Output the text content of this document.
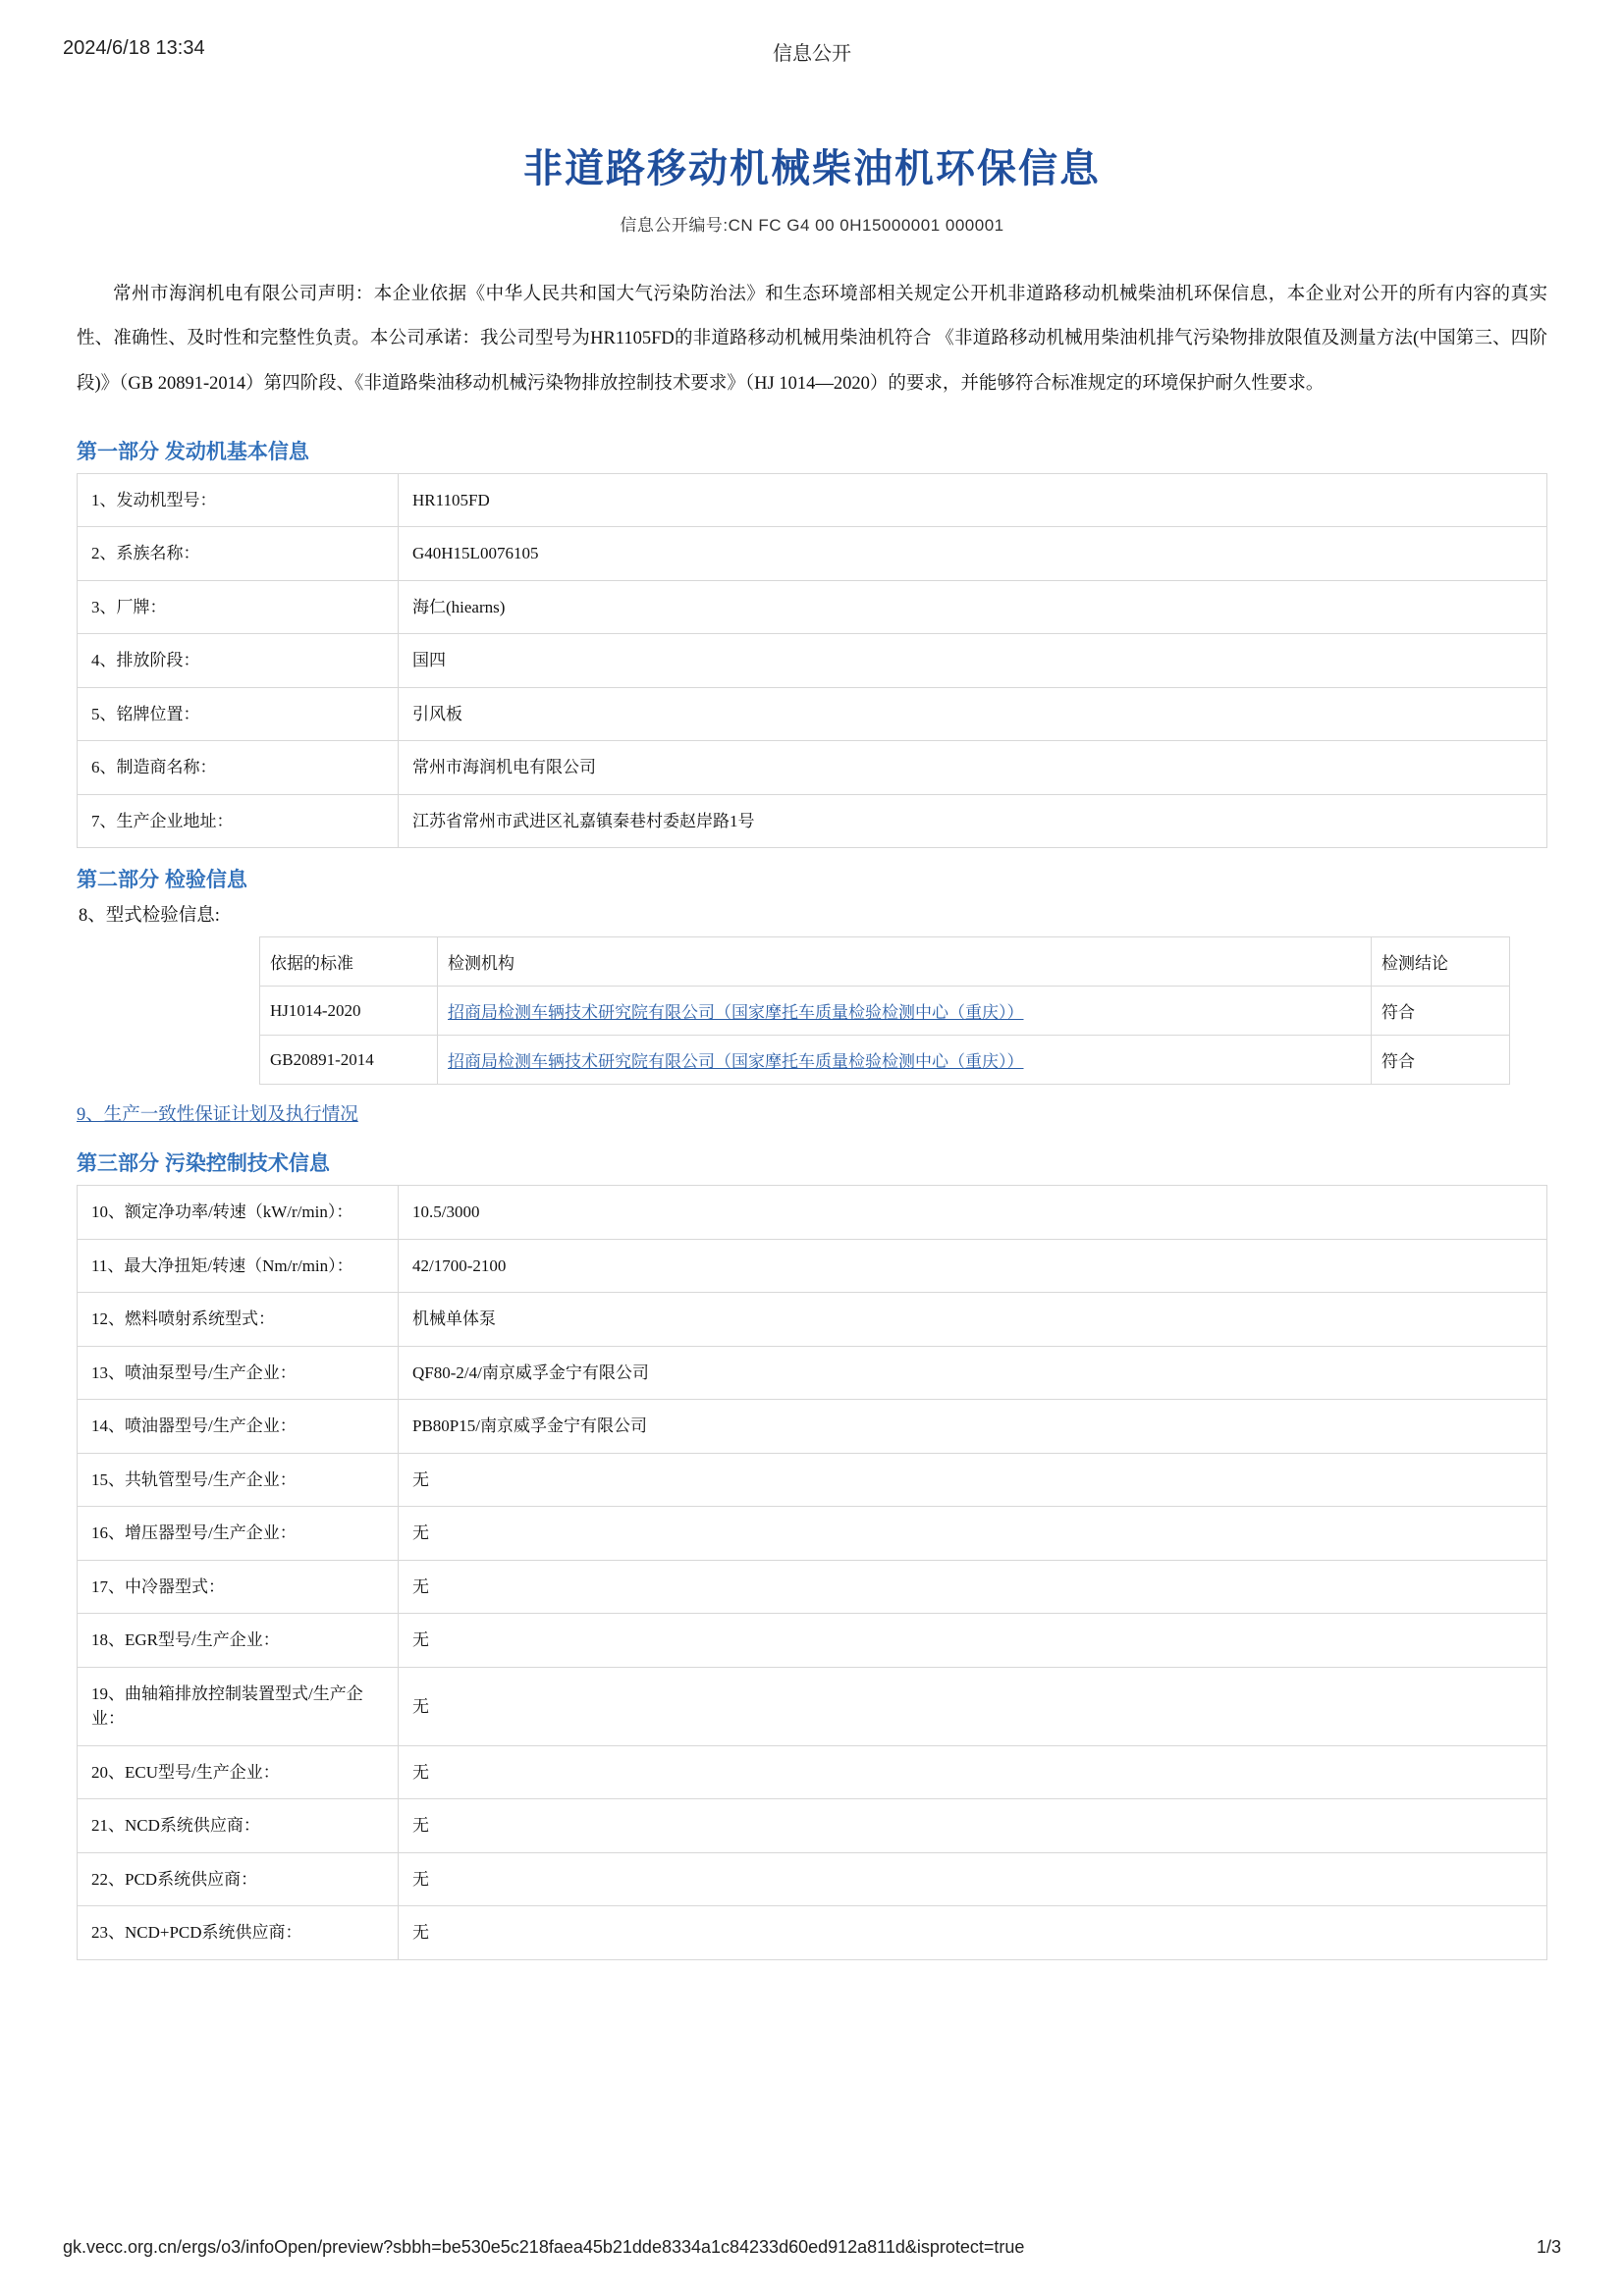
2024/6/18 13:34	信息公开
非道路移动机械柴油机环保信息
信息公开编号:CN FC G4 00 0H15000001 000001

常州市海润机电有限公司声明：本企业依据《中华人民共和国大气污染防治法》和生态环境部相关规定公开机非道路移动机械柴油机环保信息，本企业对公开的所有内容的真实性、准确性、及时性和完整性负责。本公司承诺：我公司型号为HR1105FD的非道路移动机械用柴油机符合 《非道路移动机械用柴油机排气污染物排放限值及测量方法(中国第三、四阶段)》（GB 20891-2014）第四阶段、《非道路柴油移动机械污染物排放控制技术要求》（HJ 1014—2020）的要求，并能够符合标准规定的环境保护耐久性要求。

第一部分 发动机基本信息
1、发动机型号：	HR1105FD
2、系族名称：	G40H15L0076105
3、厂牌：	海仁(hiearns)
4、排放阶段：	国四
5、铭牌位置：	引风板
6、制造商名称：	常州市海润机电有限公司
7、生产企业地址：	江苏省常州市武进区礼嘉镇秦巷村委赵岸路1号
第二部分 检验信息
8、型式检验信息:
依据的标准	检测机构	检测结论
HJ1014-2020	招商局检测车辆技术研究院有限公司（国家摩托车质量检验检测中心（重庆））	符合
GB20891-2014	招商局检测车辆技术研究院有限公司（国家摩托车质量检验检测中心（重庆））	符合
9、生产一致性保证计划及执行情况
第三部分 污染控制技术信息
10、额定净功率/转速（kW/r/min）：	10.5/3000
11、最大净扭矩/转速（Nm/r/min）：	42/1700-2100
12、燃料喷射系统型式：	机械单体泵
13、喷油泵型号/生产企业：	QF80-2/4/南京威孚金宁有限公司
14、喷油器型号/生产企业：	PB80P15/南京威孚金宁有限公司
15、共轨管型号/生产企业：	无
16、增压器型号/生产企业：	无
17、中冷器型式：	无
18、EGR型号/生产企业：	无
19、曲轴箱排放控制装置型式/生产企业：	无
20、ECU型号/生产企业：	无
21、NCD系统供应商：	无
22、PCD系统供应商：	无
23、NCD+PCD系统供应商：	无
gk.vecc.org.cn/ergs/o3/infoOpen/preview?sbbh=be530e5c218faea45b21dde8334a1c84233d60ed912a811d&isprotect=true	1/3
